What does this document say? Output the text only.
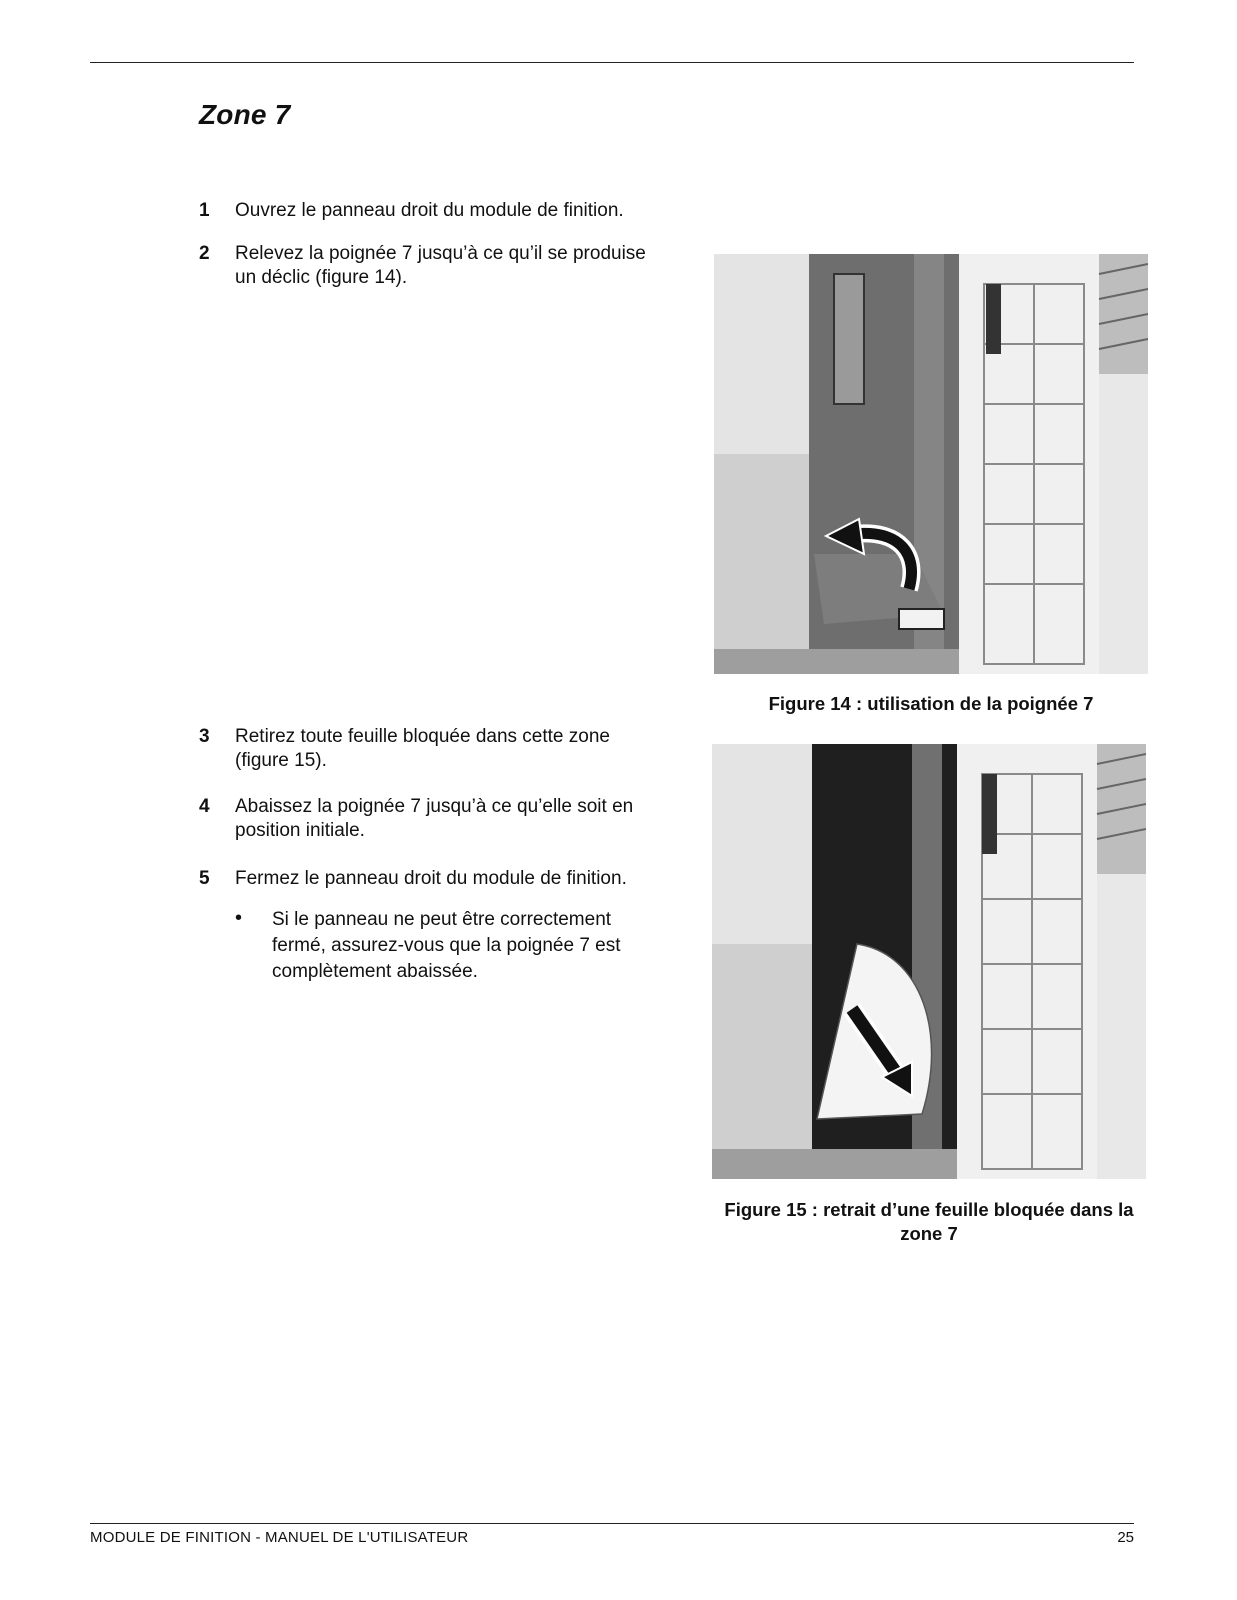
Zone 7
1 Ouvrez le panneau droit du module de finition.
2 Relevez la poignée 7 jusqu’à ce qu’il se produise un déclic (figure 14).
3 Retirez toute feuille bloquée dans cette zone (figure 15).
4 Abaissez la poignée 7 jusqu’à ce qu’elle soit en position initiale.
5 Fermez le panneau droit du module de finition.
• Si le panneau ne peut être correctement fermé, assurez-vous que la poignée 7 est complètement abaissée.
Figure 14 : utilisation de la poignée 7
Figure 15 : retrait d’une feuille bloquée dans la zone 7
MODULE DE FINITION - MANUEL DE L'UTILISATEUR	25
